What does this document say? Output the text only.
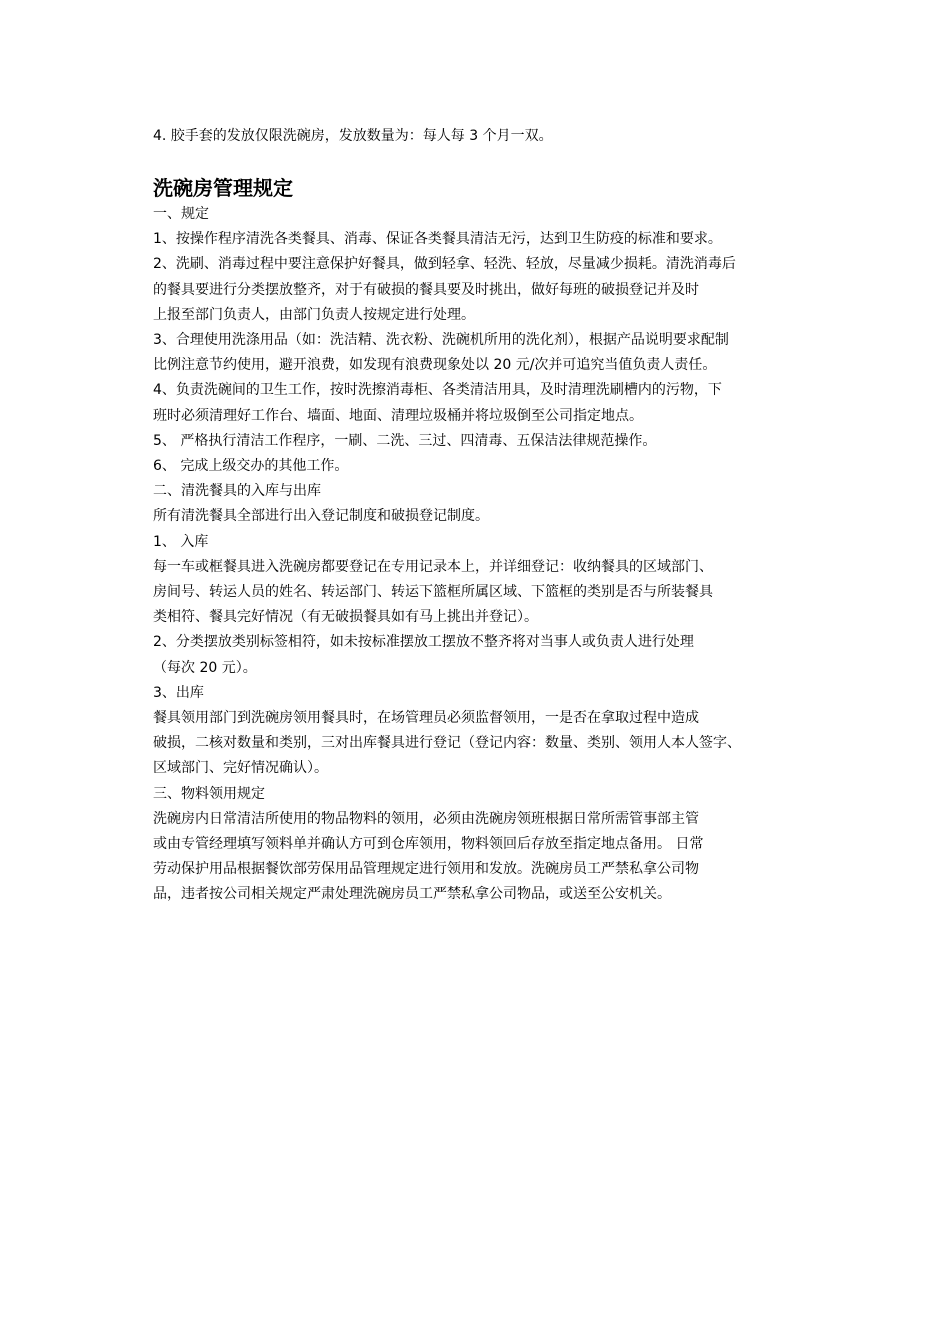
4. 胶手套的发放仅限洗碗房，发放数量为：每人每 3 个月一双。

洗碗房管理规定
一、规定
1、按操作程序清洗各类餐具、消毒、保证各类餐具清洁无污，达到卫生防疫的标准和要求。
2、洗刷、消毒过程中要注意保护好餐具，做到轻拿、轻洗、轻放，尽量减少损耗。清洗消毒后
的餐具要进行分类摆放整齐，对于有破损的餐具要及时挑出，做好每班的破损登记并及时
上报至部门负责人，由部门负责人按规定进行处理。
3、合理使用洗涤用品（如：洗洁精、洗衣粉、洗碗机所用的洗化剂），根据产品说明要求配制
比例注意节约使用，避开浪费，如发现有浪费现象处以 20 元/次并可追究当值负责人责任。
4、负责洗碗间的卫生工作，按时洗擦消毒柜、各类清洁用具，及时清理洗刷槽内的污物，下
班时必须清理好工作台、墙面、地面、清理垃圾桶并将垃圾倒至公司指定地点。
5、 严格执行清洁工作程序，一刷、二洗、三过、四清毒、五保洁法律规范操作。
6、 完成上级交办的其他工作。
二、清洗餐具的入库与出库
所有清洗餐具全部进行出入登记制度和破损登记制度。
1、 入库
每一车或框餐具进入洗碗房都要登记在专用记录本上，并详细登记：收纳餐具的区域部门、
房间号、转运人员的姓名、转运部门、转运下篮框所属区域、下篮框的类别是否与所装餐具
类相符、餐具完好情况（有无破损餐具如有马上挑出并登记）。
2、分类摆放类别标签相符，如未按标准摆放工摆放不整齐将对当事人或负责人进行处理
（每次 20 元）。
3、出库
餐具领用部门到洗碗房领用餐具时，在场管理员必须监督领用，一是否在拿取过程中造成
破损，二核对数量和类别，三对出库餐具进行登记（登记内容：数量、类别、领用人本人签字、
区域部门、完好情况确认）。
三、物料领用规定
洗碗房内日常清洁所使用的物品物料的领用，必须由洗碗房领班根据日常所需管事部主管
或由专管经理填写领料单并确认方可到仓库领用，物料领回后存放至指定地点备用。 日常
劳动保护用品根据餐饮部劳保用品管理规定进行领用和发放。洗碗房员工严禁私拿公司物
品，违者按公司相关规定严肃处理洗碗房员工严禁私拿公司物品，或送至公安机关。
